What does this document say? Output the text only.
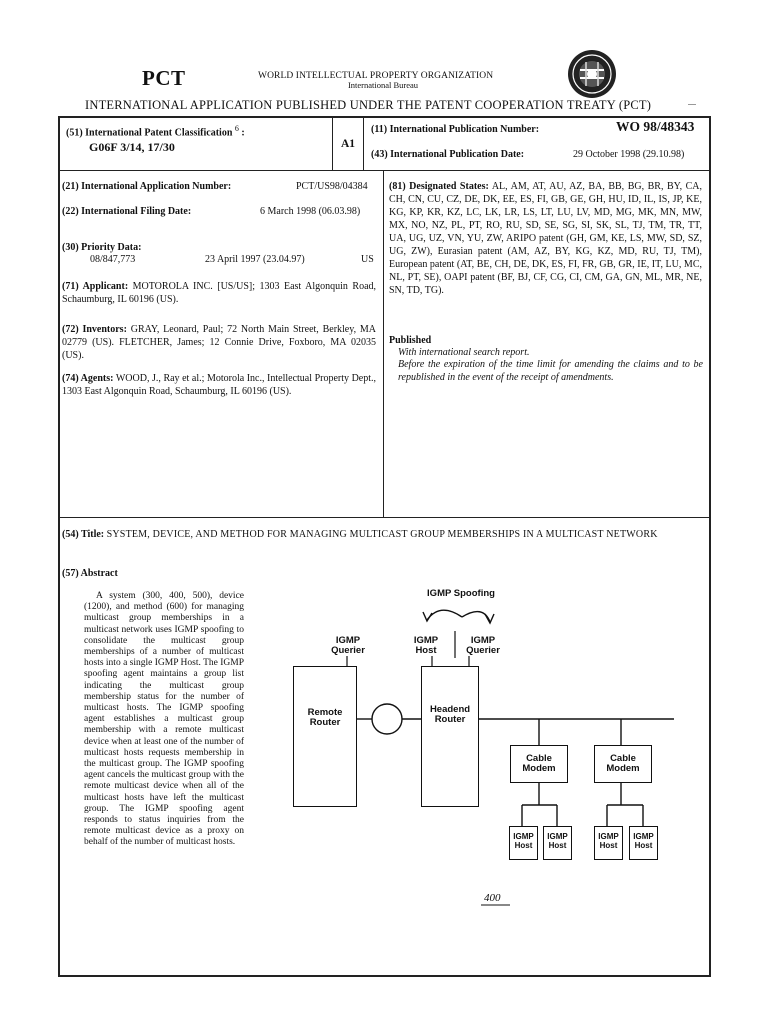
PCT	WORLD INTELLECTUAL PROPERTY ORGANIZATION
International Bureau
INTERNATIONAL APPLICATION PUBLISHED UNDER THE PATENT COOPERATION TREATY (PCT)
(51) International Patent Classification $^6$ :
G06F 3/14, 17/30	A1
(11) International Publication Number:	WO 98/48343
(43) International Publication Date:	29 October 1998 (29.10.98)
(21) International Application Number:	PCT/US98/04384
(22) International Filing Date:	6 March 1998 (06.03.98)
(30) Priority Data:
08/847,773	23 April 1997 (23.04.97)	US
(71) Applicant: MOTOROLA INC. [US/US]; 1303 East Algonquin Road, Schaumburg, IL 60196 (US).
(72) Inventors: GRAY, Leonard, Paul; 72 North Main Street, Berkley, MA 02779 (US). FLETCHER, James; 12 Connie Drive, Foxboro, MA 02035 (US).
(74) Agents: WOOD, J., Ray et al.; Motorola Inc., Intellectual Property Dept., 1303 East Algonquin Road, Schaumburg, IL 60196 (US).
(81) Designated States: AL, AM, AT, AU, AZ, BA, BB, BG, BR, BY, CA, CH, CN, CU, CZ, DE, DK, EE, ES, FI, GB, GE, GH, HU, ID, IL, IS, JP, KE, KG, KP, KR, KZ, LC, LK, LR, LS, LT, LU, LV, MD, MG, MK, MN, MW, MX, NO, NZ, PL, PT, RO, RU, SD, SE, SG, SI, SK, SL, TJ, TM, TR, TT, UA, UG, UZ, VN, YU, ZW, ARIPO patent (GH, GM, KE, LS, MW, SD, SZ, UG, ZW), Eurasian patent (AM, AZ, BY, KG, KZ, MD, RU, TJ, TM), European patent (AT, BE, CH, DE, DK, ES, FI, FR, GB, GR, IE, IT, LU, MC, NL, PT, SE), OAPI patent (BF, BJ, CF, CG, CI, CM, GA, GN, ML, MR, NE, SN, TD, TG).
Published
With international search report.
Before the expiration of the time limit for amending the claims and to be republished in the event of the receipt of amendments.
(54) Title: SYSTEM, DEVICE, AND METHOD FOR MANAGING MULTICAST GROUP MEMBERSHIPS IN A MULTICAST NETWORK
(57) Abstract

A system (300, 400, 500), device (1200), and method (600) for managing multicast group memberships in a multicast network uses IGMP spoofing to consolidate the multicast group memberships of a number of multicast hosts into a single IGMP Host. The IGMP spoofing agent maintains a group list indicating the multicast group membership status for the number of multicast hosts. The IGMP spoofing agent establishes a multicast group membership with a remote multicast device when at least one of the number of multicast hosts requests membership in the multicast group. The IGMP spoofing agent cancels the multicast group with the remote multicast device when all of the multicast hosts have left the multicast group. The IGMP spoofing agent responds to status inquiries from the remote multicast device as a proxy on behalf of the number of multicast hosts.

IGMP Spoofing
IGMP
Querier
IGMP
Host
IGMP
Querier
Remote
Router
Headend
Router
Cable
Modem
Cable
Modem
IGMP
Host
IGMP
Host
IGMP
Host
IGMP
Host
400
